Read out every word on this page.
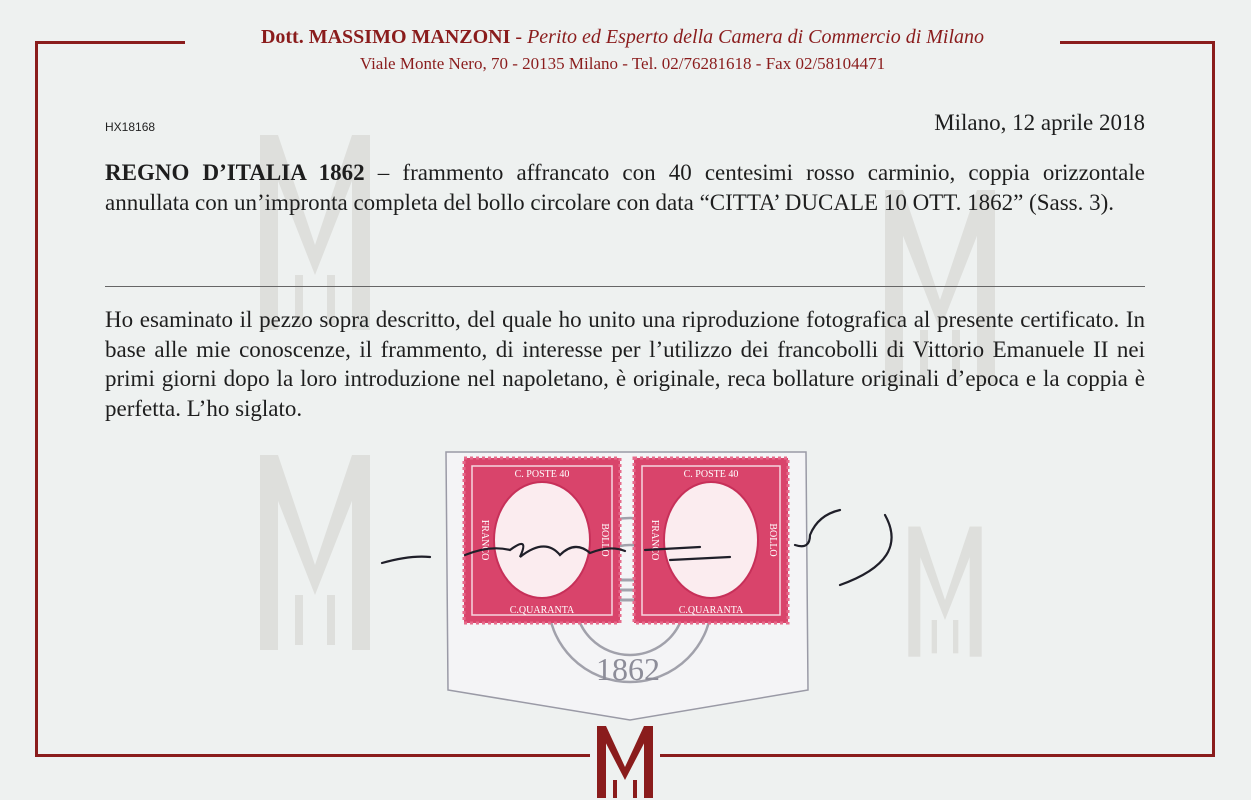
Dott. MASSIMO MANZONI - Perito ed Esperto della Camera di Commercio di Milano
Viale Monte Nero, 70 - 20135 Milano - Tel. 02/76281618 - Fax 02/58104471
HX18168	Milano, 12 aprile 2018
REGNO D’ITALIA 1862 – frammento affrancato con 40 centesimi rosso carminio, coppia orizzontale annullata con un’impronta completa del bollo circolare con data “CITTA’ DUCALE 10 OTT. 1862” (Sass. 3).
Ho esaminato il pezzo sopra descritto, del quale ho unito una riproduzione fotografica al presente certificato. In base alle mie conoscenze, il frammento, di interesse per l’utilizzo dei francobolli di Vittorio Emanuele II nei primi giorni dopo la loro introduzione nel napoletano, è originale, reca bollature originali d’epoca e la coppia è perfetta. L’ho siglato.
1862
C. POSTE 40
C.QUARANTA
FRANCO	BOLLO
C. POSTE 40
C.QUARANTA
FRANCO	BOLLO
